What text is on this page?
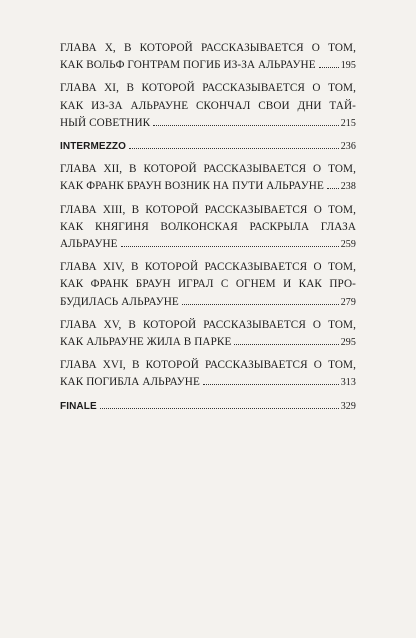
ГЛАВА X, В КОТОРОЙ РАССКАЗЫВАЕТСЯ О ТОМ,
КАК ВОЛЬФ ГОНТРАМ ПОГИБ ИЗ-ЗА АЛЬРАУНЕ	195
ГЛАВА XI, В КОТОРОЙ РАССКАЗЫВАЕТСЯ О ТОМ,
КАК ИЗ-ЗА АЛЬРАУНЕ СКОНЧАЛ СВОИ ДНИ ТАЙ-
НЫЙ СОВЕТНИК	215
INTERMEZZO	236
ГЛАВА XII, В КОТОРОЙ РАССКАЗЫВАЕТСЯ О ТОМ,
КАК ФРАНК БРАУН ВОЗНИК НА ПУТИ АЛЬРАУНЕ 238
ГЛАВА XIII, В КОТОРОЙ РАССКАЗЫВАЕТСЯ О ТОМ,
КАК КНЯГИНЯ ВОЛКОНСКАЯ РАСКРЫЛА ГЛАЗА
АЛЬРАУНЕ	259
ГЛАВА XIV, В КОТОРОЙ РАССКАЗЫВАЕТСЯ О ТОМ,
КАК ФРАНК БРАУН ИГРАЛ С ОГНЕМ И КАК ПРО-
БУДИЛАСЬ АЛЬРАУНЕ	279
ГЛАВА XV, В КОТОРОЙ РАССКАЗЫВАЕТСЯ О ТОМ,
КАК АЛЬРАУНЕ ЖИЛА В ПАРКЕ	295
ГЛАВА XVI, В КОТОРОЙ РАССКАЗЫВАЕТСЯ О ТОМ,
КАК ПОГИБЛА АЛЬРАУНЕ	313
FINALE	329
